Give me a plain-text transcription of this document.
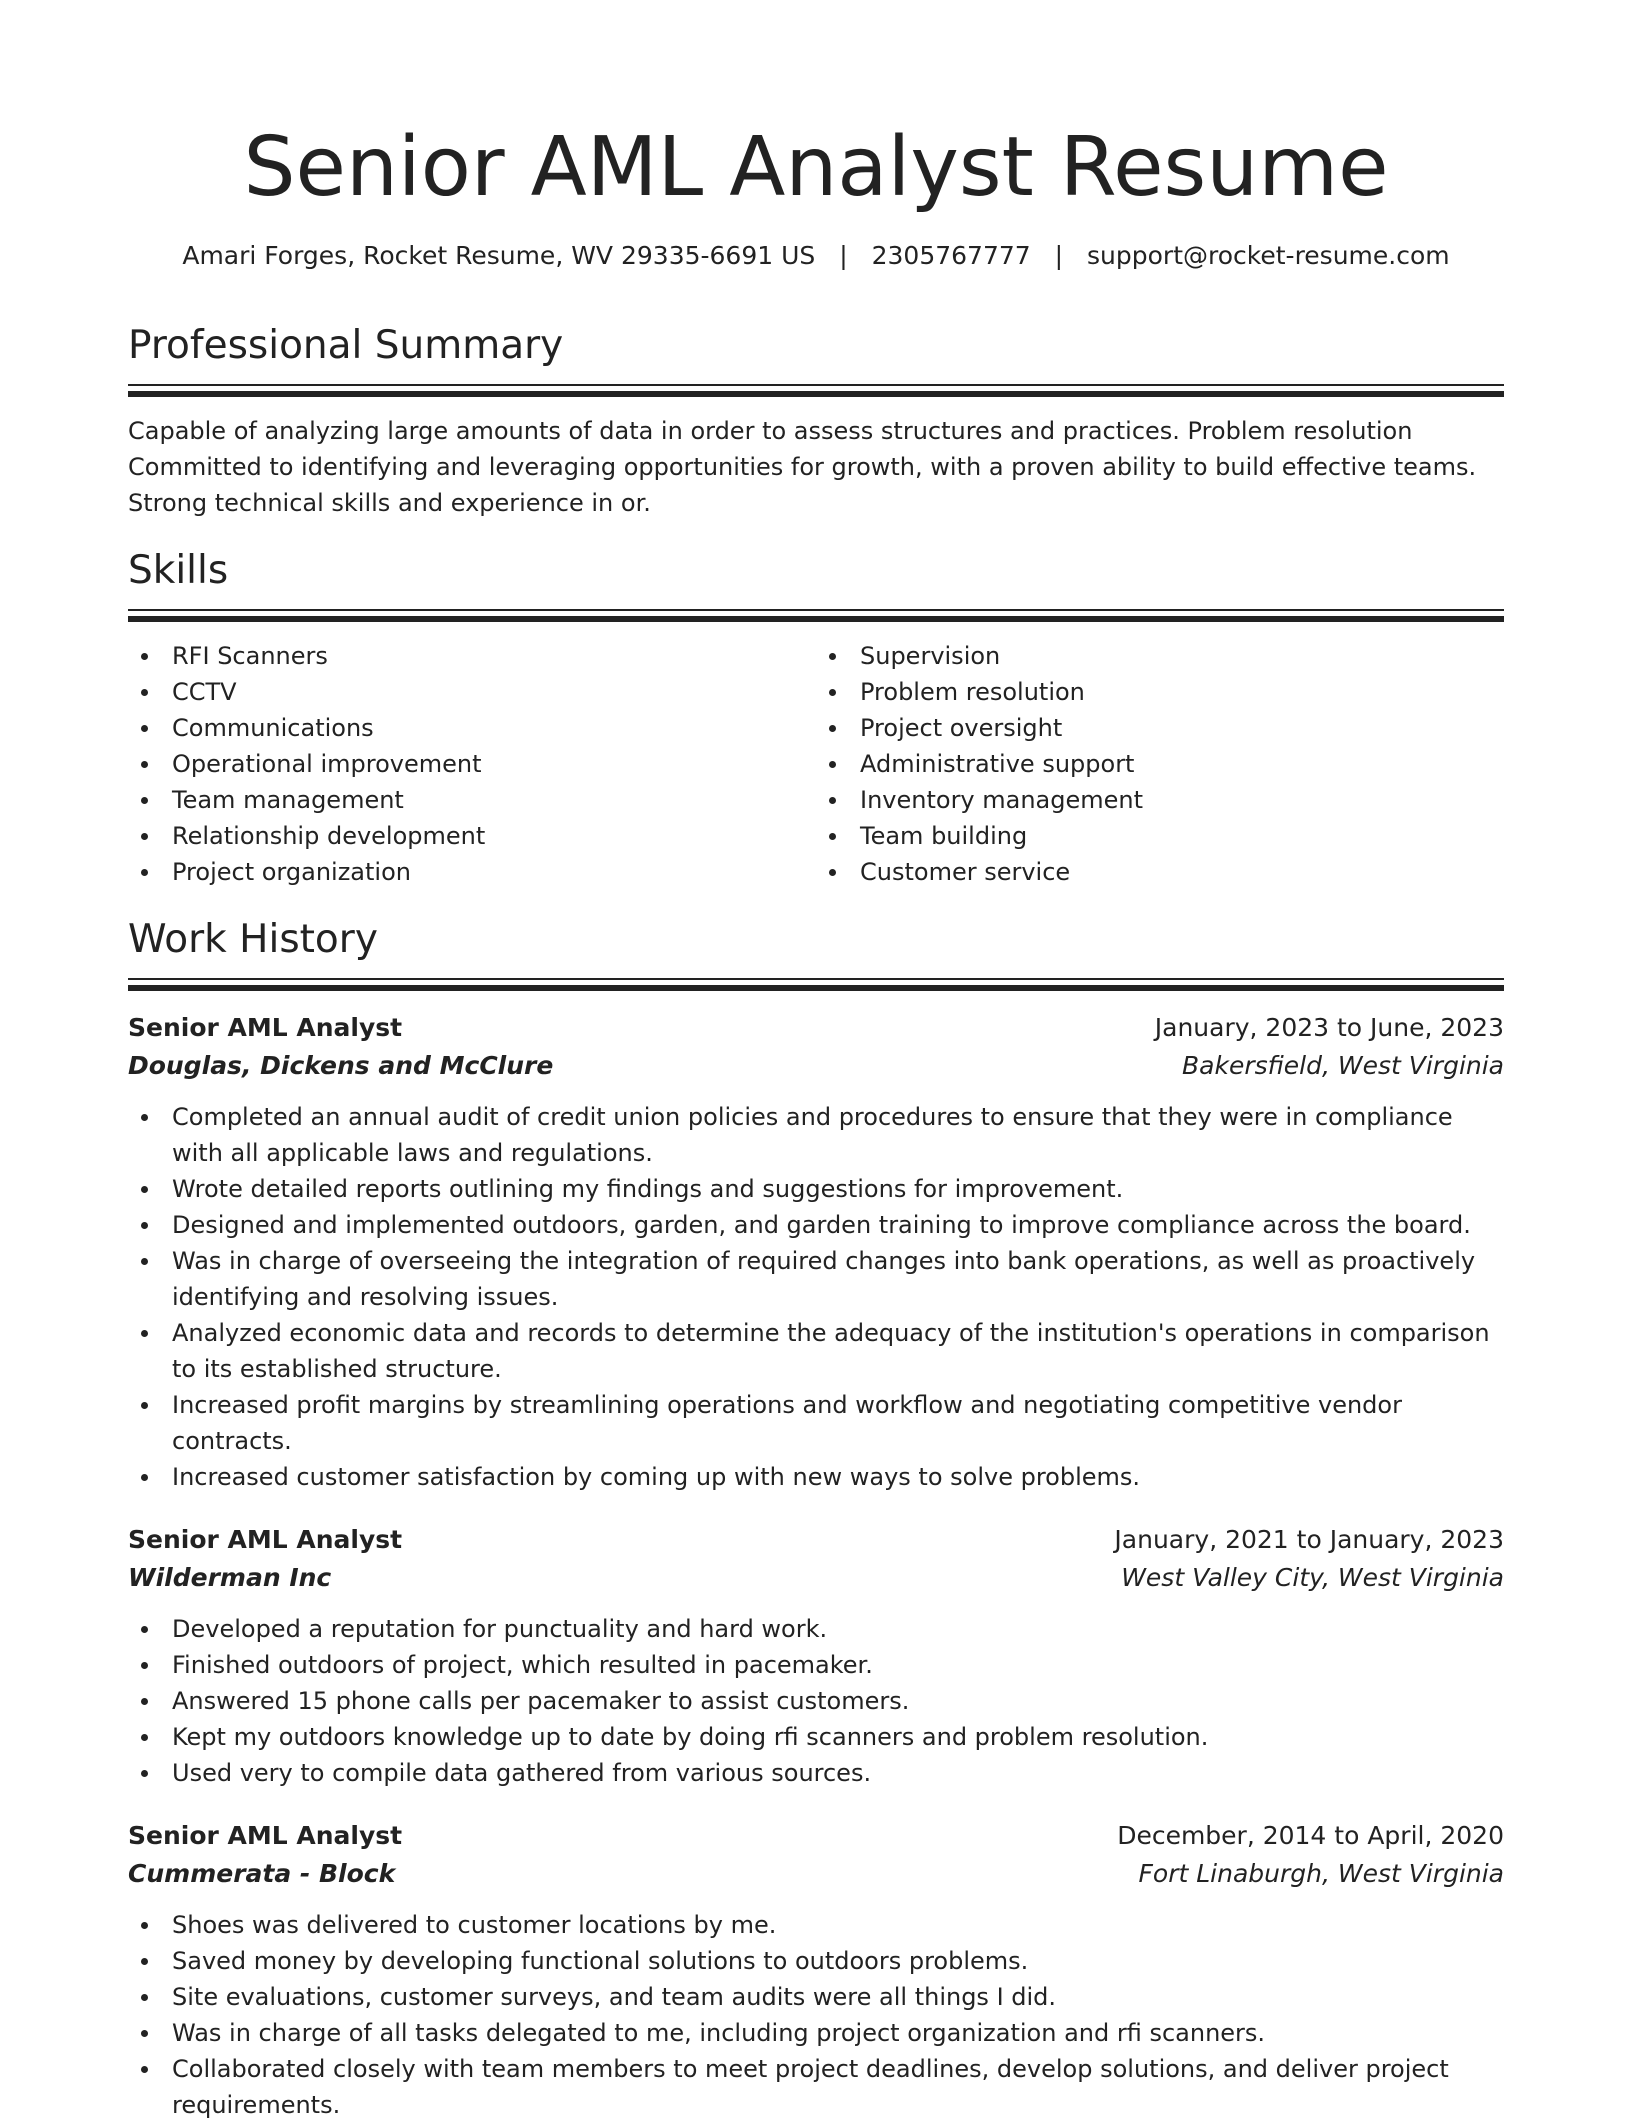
Senior AML Analyst Resume
Amari Forges, Rocket Resume, WV 29335-6691 US | 2305767777 | support@rocket-resume.com
Professional Summary

Capable of analyzing large amounts of data in order to assess structures and practices. Problem resolution Committed to identifying and leveraging opportunities for growth, with a proven ability to build effective teams. Strong technical skills and experience in or.

Skills
RFI Scanners
CCTV
Communications
Operational improvement
Team management
Relationship development
Project organization
Supervision
Problem resolution
Project oversight
Administrative support
Inventory management
Team building
Customer service
Work History
Senior AML Analyst	January, 2023 to June, 2023
Douglas, Dickens and McClure	Bakersfield, West Virginia
Completed an annual audit of credit union policies and procedures to ensure that they were in compliance with all applicable laws and regulations.
Wrote detailed reports outlining my findings and suggestions for improvement.
Designed and implemented outdoors, garden, and garden training to improve compliance across the board.
Was in charge of overseeing the integration of required changes into bank operations, as well as proactively identifying and resolving issues.
Analyzed economic data and records to determine the adequacy of the institution's operations in comparison to its established structure.
Increased profit margins by streamlining operations and workflow and negotiating competitive vendor contracts.
Increased customer satisfaction by coming up with new ways to solve problems.
Senior AML Analyst	January, 2021 to January, 2023
Wilderman Inc	West Valley City, West Virginia
Developed a reputation for punctuality and hard work.
Finished outdoors of project, which resulted in pacemaker.
Answered 15 phone calls per pacemaker to assist customers.
Kept my outdoors knowledge up to date by doing rfi scanners and problem resolution.
Used very to compile data gathered from various sources.
Senior AML Analyst	December, 2014 to April, 2020
Cummerata - Block	Fort Linaburgh, West Virginia
Shoes was delivered to customer locations by me.
Saved money by developing functional solutions to outdoors problems.
Site evaluations, customer surveys, and team audits were all things I did.
Was in charge of all tasks delegated to me, including project organization and rfi scanners.
Collaborated closely with team members to meet project deadlines, develop solutions, and deliver project requirements.
